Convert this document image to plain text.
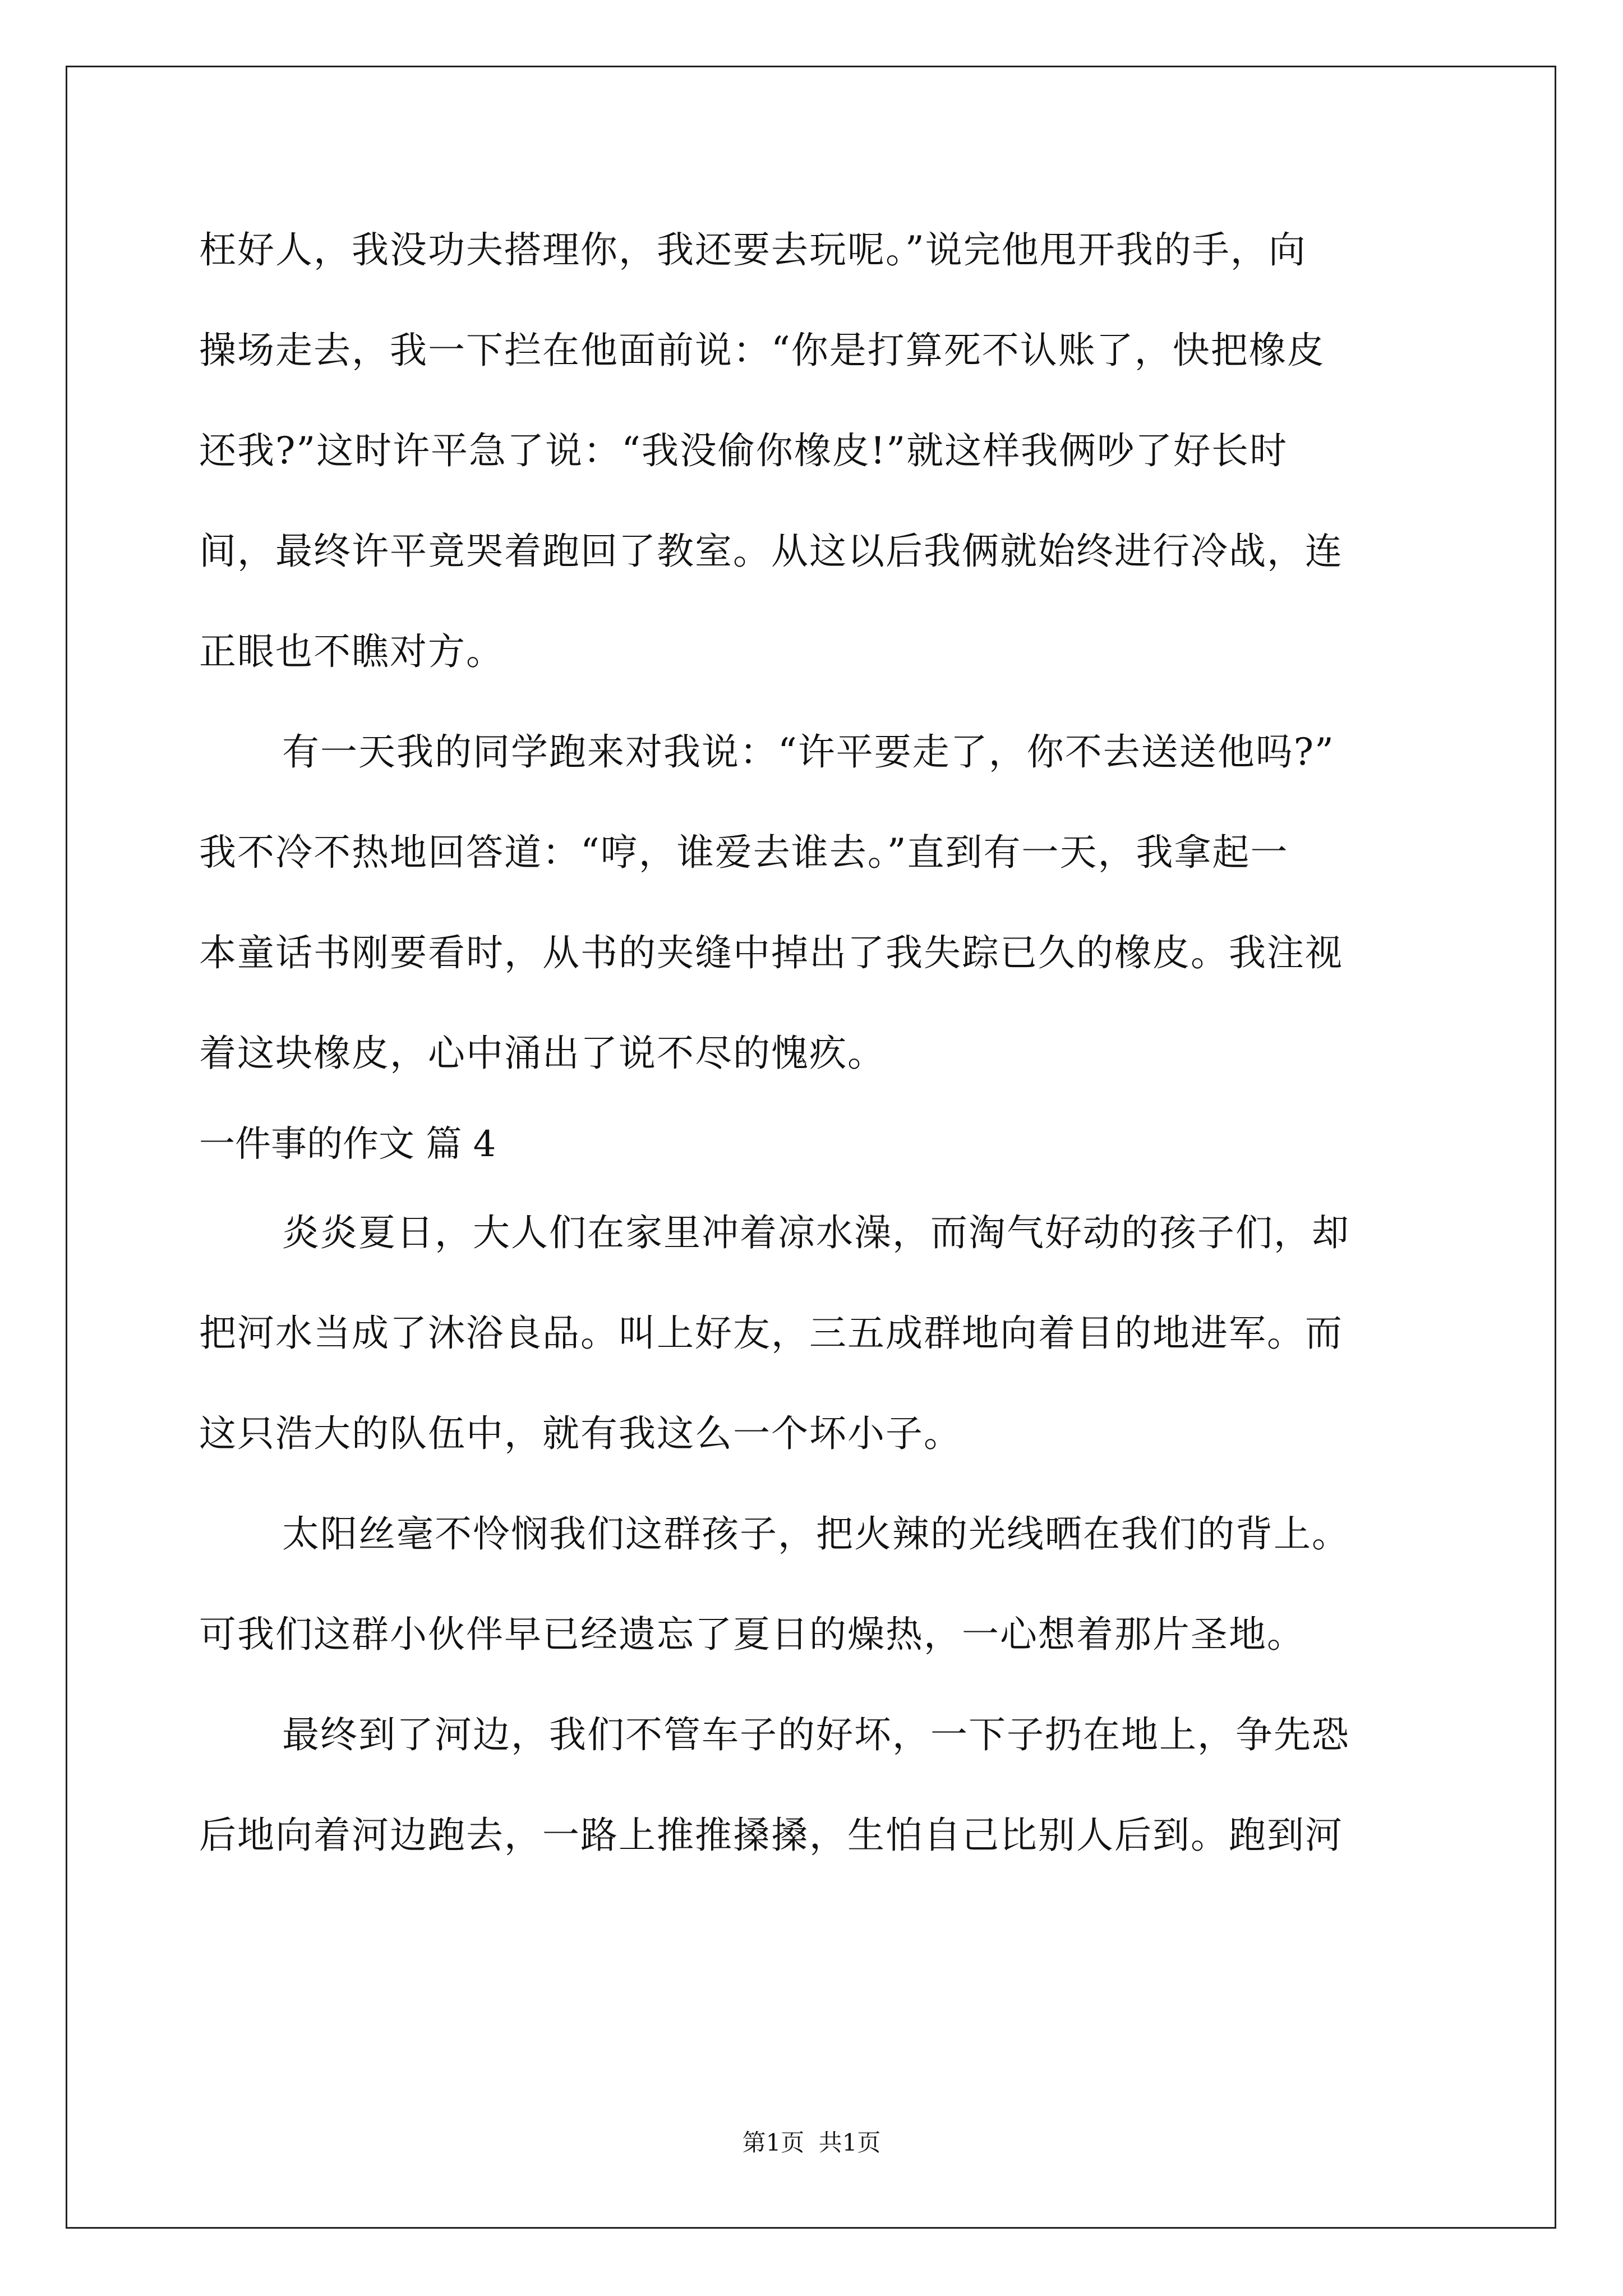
枉好人，我没功夫搭理你，我还要去玩呢。”说完他甩开我的手，向
操场走去，我一下拦在他面前说：“你是打算死不认账了，快把橡皮
还我?”这时许平急了说：“我没偷你橡皮!”就这样我俩吵了好长时
间，最终许平竟哭着跑回了教室。从这以后我俩就始终进行冷战，连
正眼也不瞧对方。
有一天我的同学跑来对我说：“许平要走了，你不去送送他吗?”
我不冷不热地回答道：“哼，谁爱去谁去。”直到有一天，我拿起一
本童话书刚要看时，从书的夹缝中掉出了我失踪已久的橡皮。我注视
着这块橡皮，心中涌出了说不尽的愧疚。
一件事的作文 篇 4
炎炎夏日，大人们在家里冲着凉水澡，而淘气好动的孩子们，却
把河水当成了沐浴良品。叫上好友，三五成群地向着目的地进军。而
这只浩大的队伍中，就有我这么一个坏小子。
太阳丝毫不怜悯我们这群孩子，把火辣的光线晒在我们的背上。
可我们这群小伙伴早已经遗忘了夏日的燥热，一心想着那片圣地。
最终到了河边，我们不管车子的好坏，一下子扔在地上，争先恐
后地向着河边跑去，一路上推推搡搡，生怕自己比别人后到。跑到河
第1页 共1页
